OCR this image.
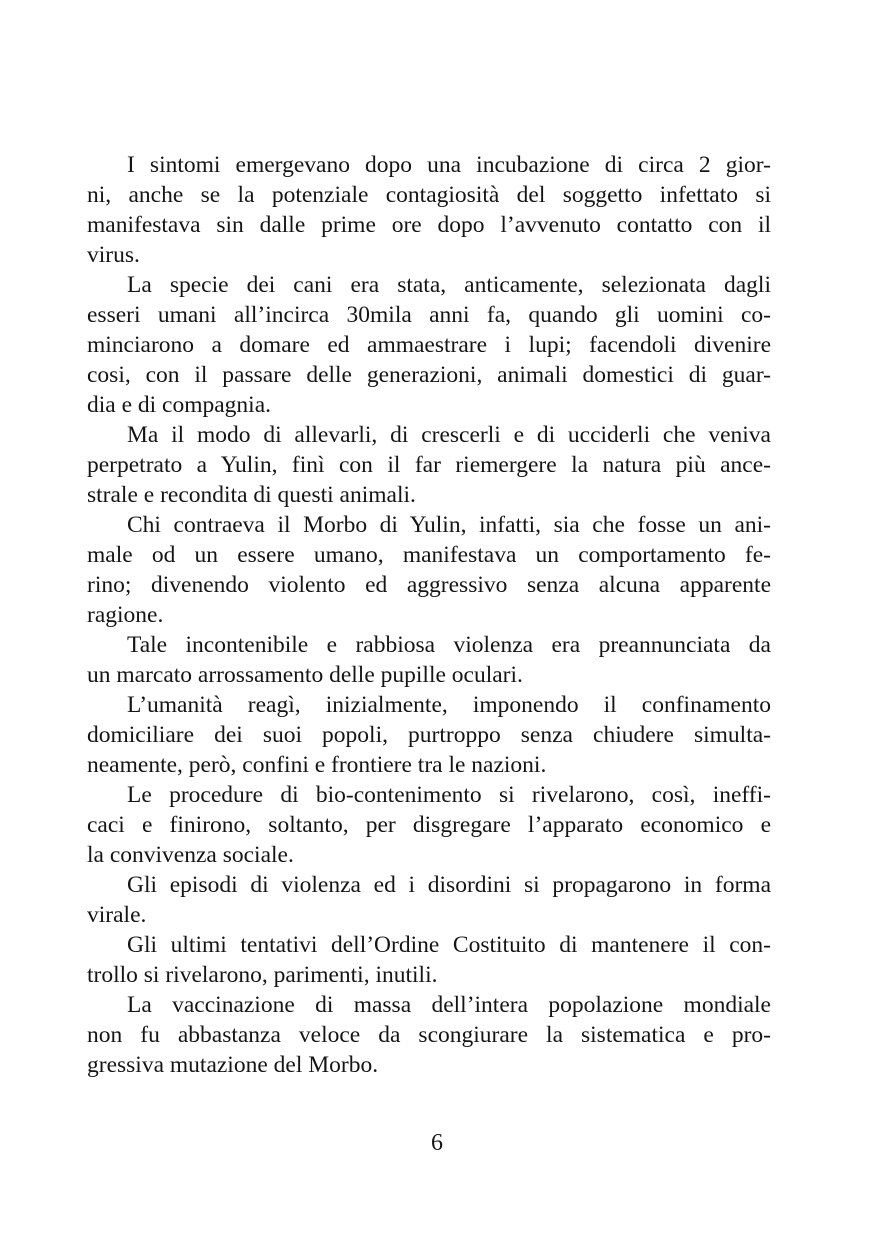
I sintomi emergevano dopo una incubazione di circa 2 gior-
ni, anche se la potenziale contagiosità del soggetto infettato si
manifestava sin dalle prime ore dopo l’avvenuto contatto con il
virus.
La specie dei cani era stata, anticamente, selezionata dagli
esseri umani all’incirca 30mila anni fa, quando gli uomini co-
minciarono a domare ed ammaestrare i lupi; facendoli divenire
cosi, con il passare delle generazioni, animali domestici di guar-
dia e di compagnia.
Ma il modo di allevarli, di crescerli e di ucciderli che veniva
perpetrato a Yulin, finì con il far riemergere la natura più ance-
strale e recondita di questi animali.
Chi contraeva il Morbo di Yulin, infatti, sia che fosse un ani-
male od un essere umano, manifestava un comportamento fe-
rino; divenendo violento ed aggressivo senza alcuna apparente
ragione.
Tale incontenibile e rabbiosa violenza era preannunciata da
un marcato arrossamento delle pupille oculari.
L’umanità reagì, inizialmente, imponendo il confinamento
domiciliare dei suoi popoli, purtroppo senza chiudere simulta-
neamente, però, confini e frontiere tra le nazioni.
Le procedure di bio-contenimento si rivelarono, così, ineffi-
caci e finirono, soltanto, per disgregare l’apparato economico e
la convivenza sociale.
Gli episodi di violenza ed i disordini si propagarono in forma
virale.
Gli ultimi tentativi dell’Ordine Costituito di mantenere il con-
trollo si rivelarono, parimenti, inutili.
La vaccinazione di massa dell’intera popolazione mondiale
non fu abbastanza veloce da scongiurare la sistematica e pro-
gressiva mutazione del Morbo.
6
